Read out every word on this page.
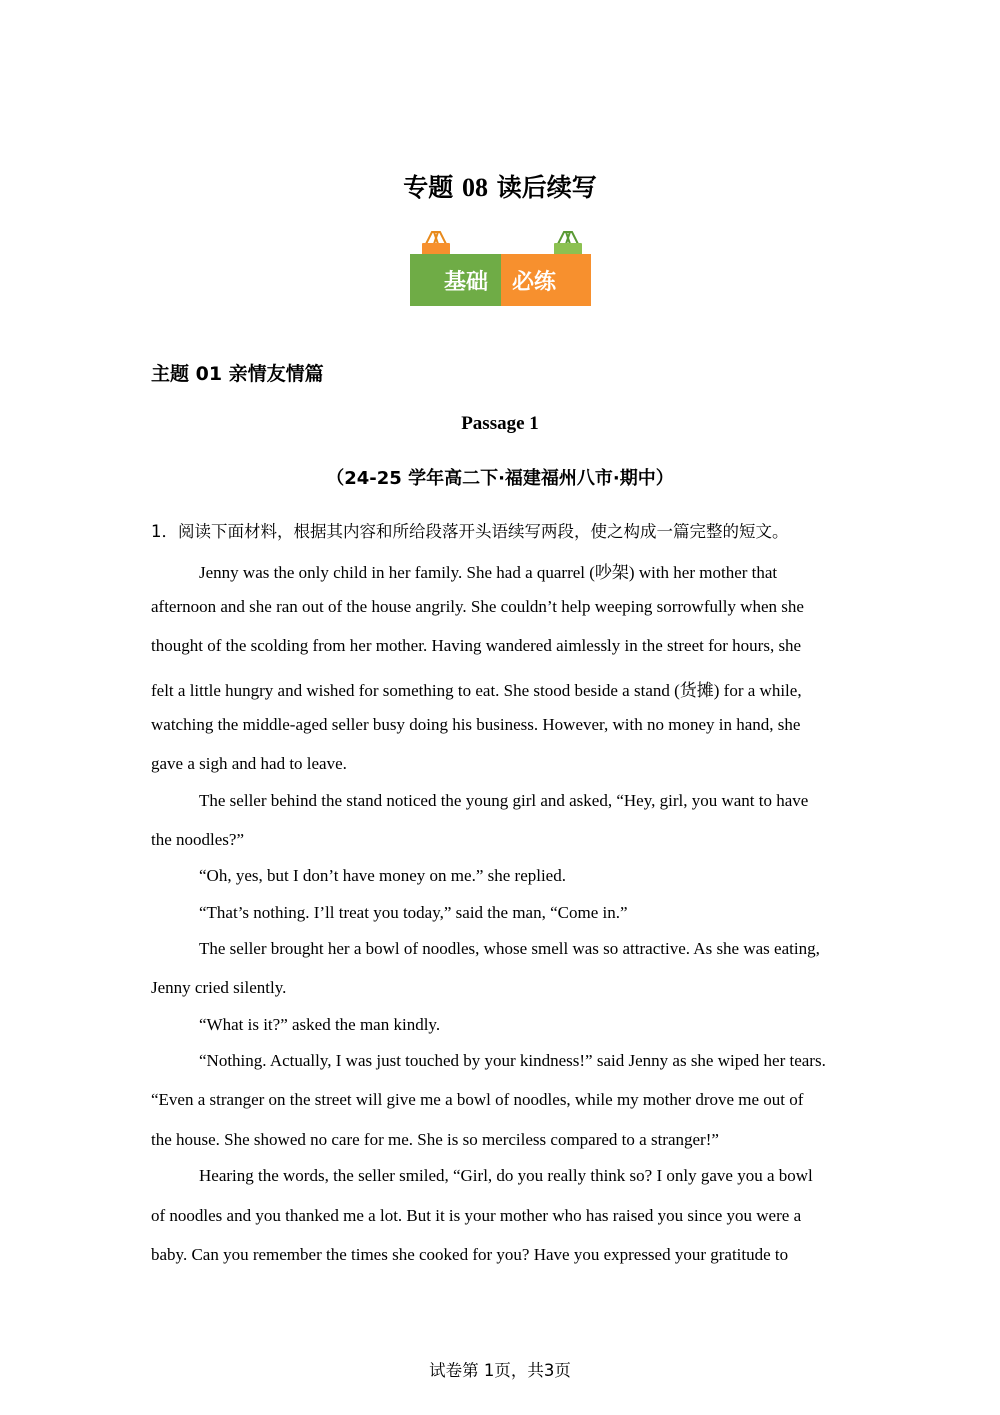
专题 08 读后续写
基础 必练
主题 01 亲情友情篇
Passage 1
（24-25 学年高二下·福建福州八市·期中）
1．阅读下面材料，根据其内容和所给段落开头语续写两段，使之构成一篇完整的短文。
Jenny was the only child in her family. She had a quarrel (吵架) with her mother that
afternoon and she ran out of the house angrily. She couldn’t help weeping sorrowfully when she
thought of the scolding from her mother. Having wandered aimlessly in the street for hours, she
felt a little hungry and wished for something to eat. She stood beside a stand (货摊) for a while,
watching the middle-aged seller busy doing his business. However, with no money in hand, she
gave a sigh and had to leave.
The seller behind the stand noticed the young girl and asked, “Hey, girl, you want to have
the noodles?”
“Oh, yes, but I don’t have money on me.” she replied.
“That’s nothing. I’ll treat you today,” said the man, “Come in.”
The seller brought her a bowl of noodles, whose smell was so attractive. As she was eating,
Jenny cried silently.
“What is it?” asked the man kindly.
“Nothing. Actually, I was just touched by your kindness!” said Jenny as she wiped her tears.
“Even a stranger on the street will give me a bowl of noodles, while my mother drove me out of
the house. She showed no care for me. She is so merciless compared to a stranger!”
Hearing the words, the seller smiled, “Girl, do you really think so? I only gave you a bowl
of noodles and you thanked me a lot. But it is your mother who has raised you since you were a
baby. Can you remember the times she cooked for you? Have you expressed your gratitude to
试卷第 1页，共3页
